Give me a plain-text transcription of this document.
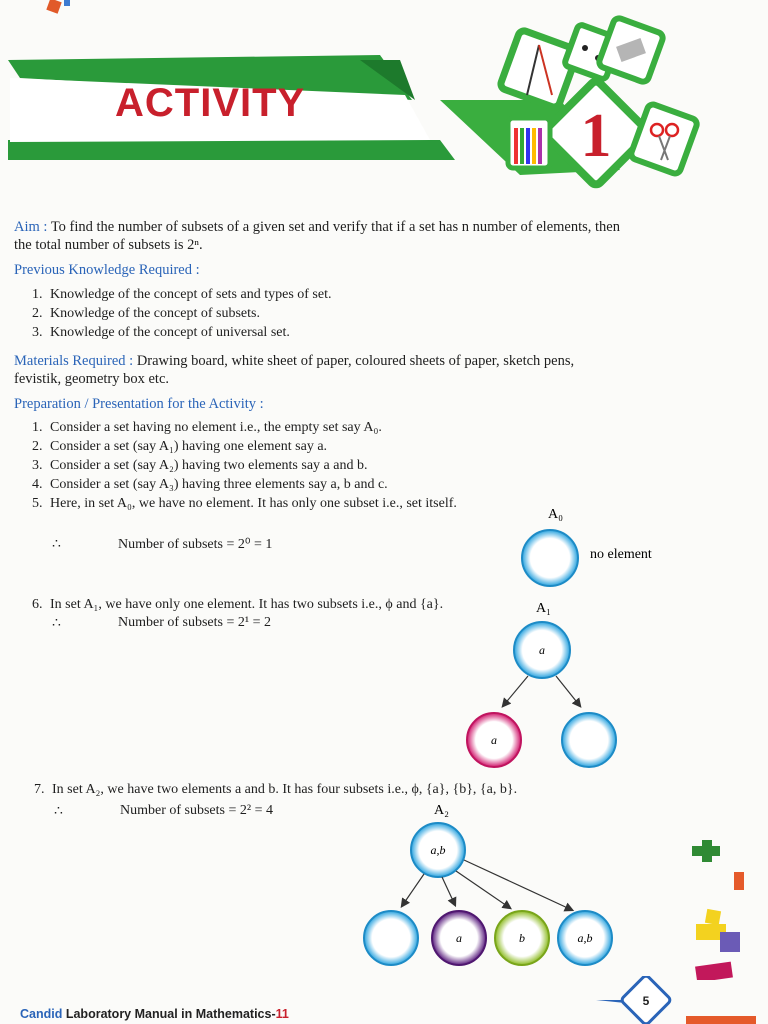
1
ACTIVITY
Aim : To find the number of subsets of a given set and verify that if a set has n number of elements, then
the total number of subsets is 2ⁿ.
Previous Knowledge Required :
1. Knowledge of the concept of sets and types of set.
2. Knowledge of the concept of subsets.
3. Knowledge of the concept of universal set.
Materials Required : Drawing board, white sheet of paper, coloured sheets of paper, sketch pens,
fevistik, geometry box etc.
Preparation / Presentation for the Activity :
1. Consider a set having no element i.e., the empty set say A₀.
2. Consider a set (say A₁) having one element say a.
3. Consider a set (say A₂) having two elements say a and b.
4. Consider a set (say A₃) having three elements say a, b and c.
5. Here, in set A₀, we have no element. It has only one subset i.e., set itself.
∴	Number of subsets = 2⁰ = 1
6. In set A₁, we have only one element. It has two subsets i.e., ϕ and {a}.
∴	Number of subsets = 2¹ = 2
7. In set A₂, we have two elements a and b. It has four subsets i.e., ϕ, {a}, {b}, {a, b}.
∴	Number of subsets = 2² = 4
A₀
no element
A₁
a
a
A₂
a,b
a	b	a,b
Candid Laboratory Manual in Mathematics-11
5
